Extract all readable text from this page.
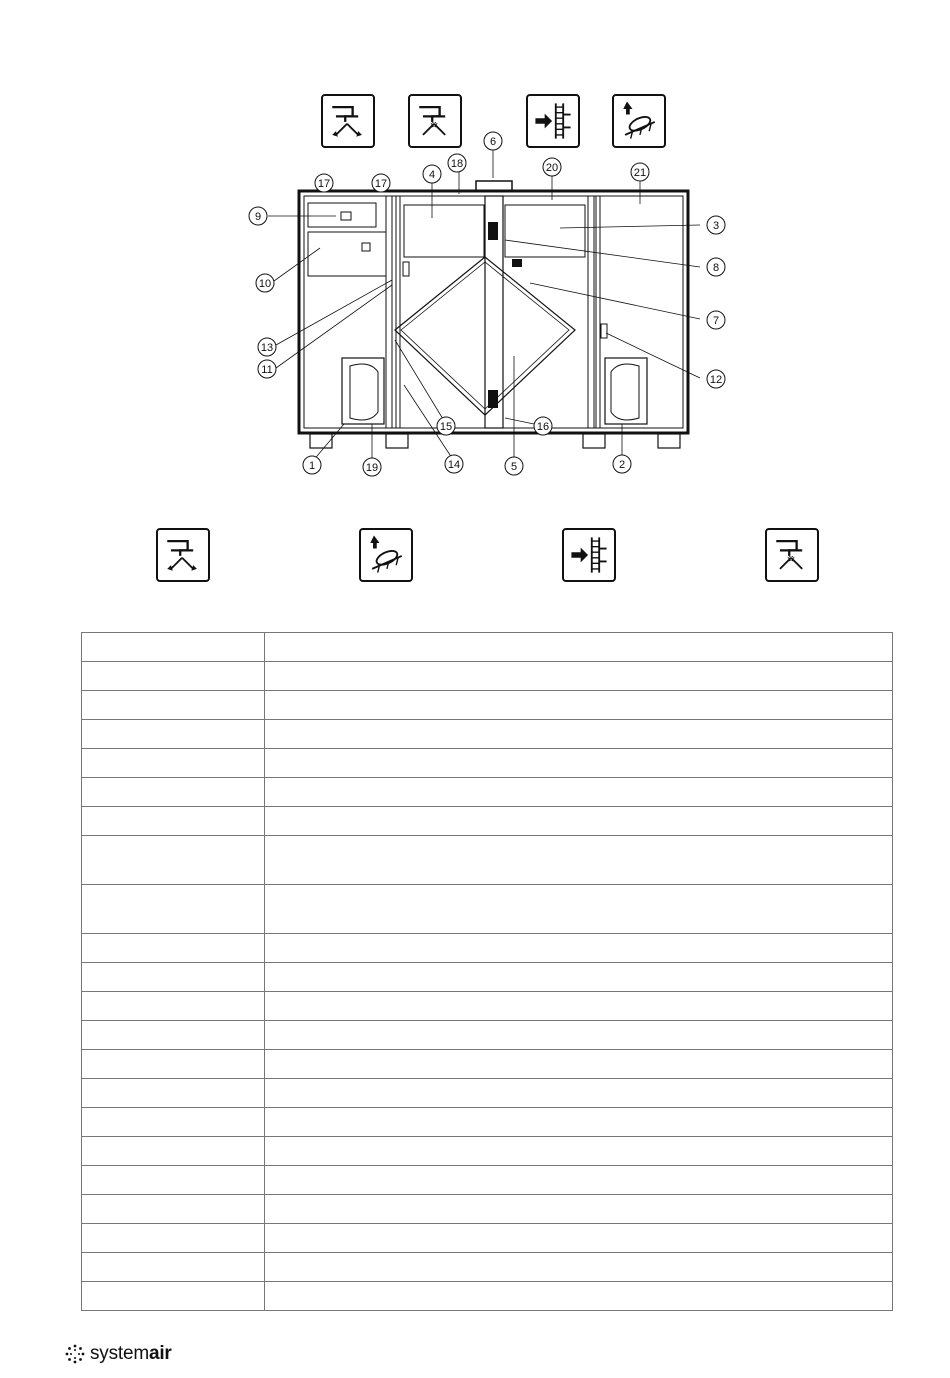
1	2
3
4
5
6
7
8
9
10
11
12
13
14
15	16
17	17
18
19
20	21

systemair
